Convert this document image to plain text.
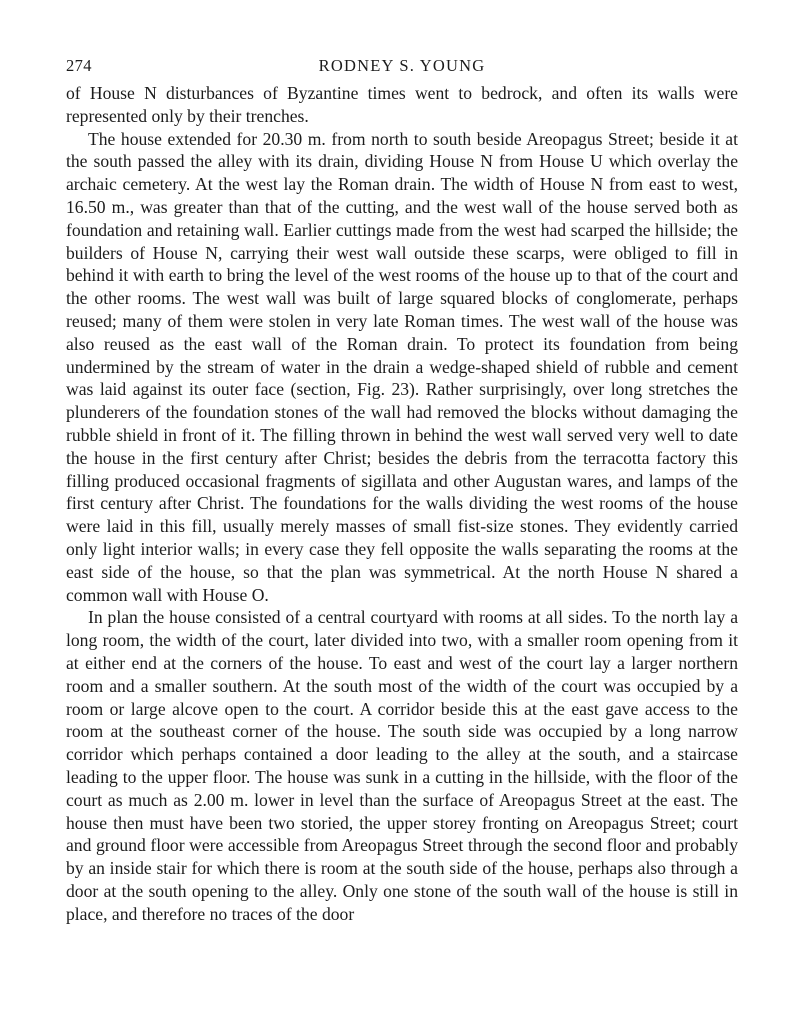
274	RODNEY S. YOUNG

of House N disturbances of Byzantine times went to bedrock, and often its walls were represented only by their trenches.

The house extended for 20.30 m. from north to south beside Areopagus Street; beside it at the south passed the alley with its drain, dividing House N from House U which overlay the archaic cemetery. At the west lay the Roman drain. The width of House N from east to west, 16.50 m., was greater than that of the cutting, and the west wall of the house served both as foundation and retaining wall. Earlier cuttings made from the west had scarped the hillside; the builders of House N, carrying their west wall outside these scarps, were obliged to fill in behind it with earth to bring the level of the west rooms of the house up to that of the court and the other rooms. The west wall was built of large squared blocks of conglomerate, perhaps reused; many of them were stolen in very late Roman times. The west wall of the house was also reused as the east wall of the Roman drain. To protect its foundation from being undermined by the stream of water in the drain a wedge-shaped shield of rubble and cement was laid against its outer face (section, Fig. 23). Rather surprisingly, over long stretches the plunderers of the foundation stones of the wall had removed the blocks without damaging the rubble shield in front of it. The filling thrown in behind the west wall served very well to date the house in the first century after Christ; besides the debris from the terracotta factory this filling produced occasional fragments of sigillata and other Augustan wares, and lamps of the first century after Christ. The foundations for the walls dividing the west rooms of the house were laid in this fill, usually merely masses of small fist-size stones. They evidently carried only light interior walls; in every case they fell opposite the walls separating the rooms at the east side of the house, so that the plan was symmetrical. At the north House N shared a common wall with House O.

In plan the house consisted of a central courtyard with rooms at all sides. To the north lay a long room, the width of the court, later divided into two, with a smaller room opening from it at either end at the corners of the house. To east and west of the court lay a larger northern room and a smaller southern. At the south most of the width of the court was occupied by a room or large alcove open to the court. A corridor beside this at the east gave access to the room at the southeast corner of the house. The south side was occupied by a long narrow corridor which perhaps contained a door leading to the alley at the south, and a staircase leading to the upper floor. The house was sunk in a cutting in the hillside, with the floor of the court as much as 2.00 m. lower in level than the surface of Areopagus Street at the east. The house then must have been two storied, the upper storey fronting on Areopagus Street; court and ground floor were accessible from Areopagus Street through the second floor and probably by an inside stair for which there is room at the south side of the house, perhaps also through a door at the south opening to the alley. Only one stone of the south wall of the house is still in place, and therefore no traces of the door
